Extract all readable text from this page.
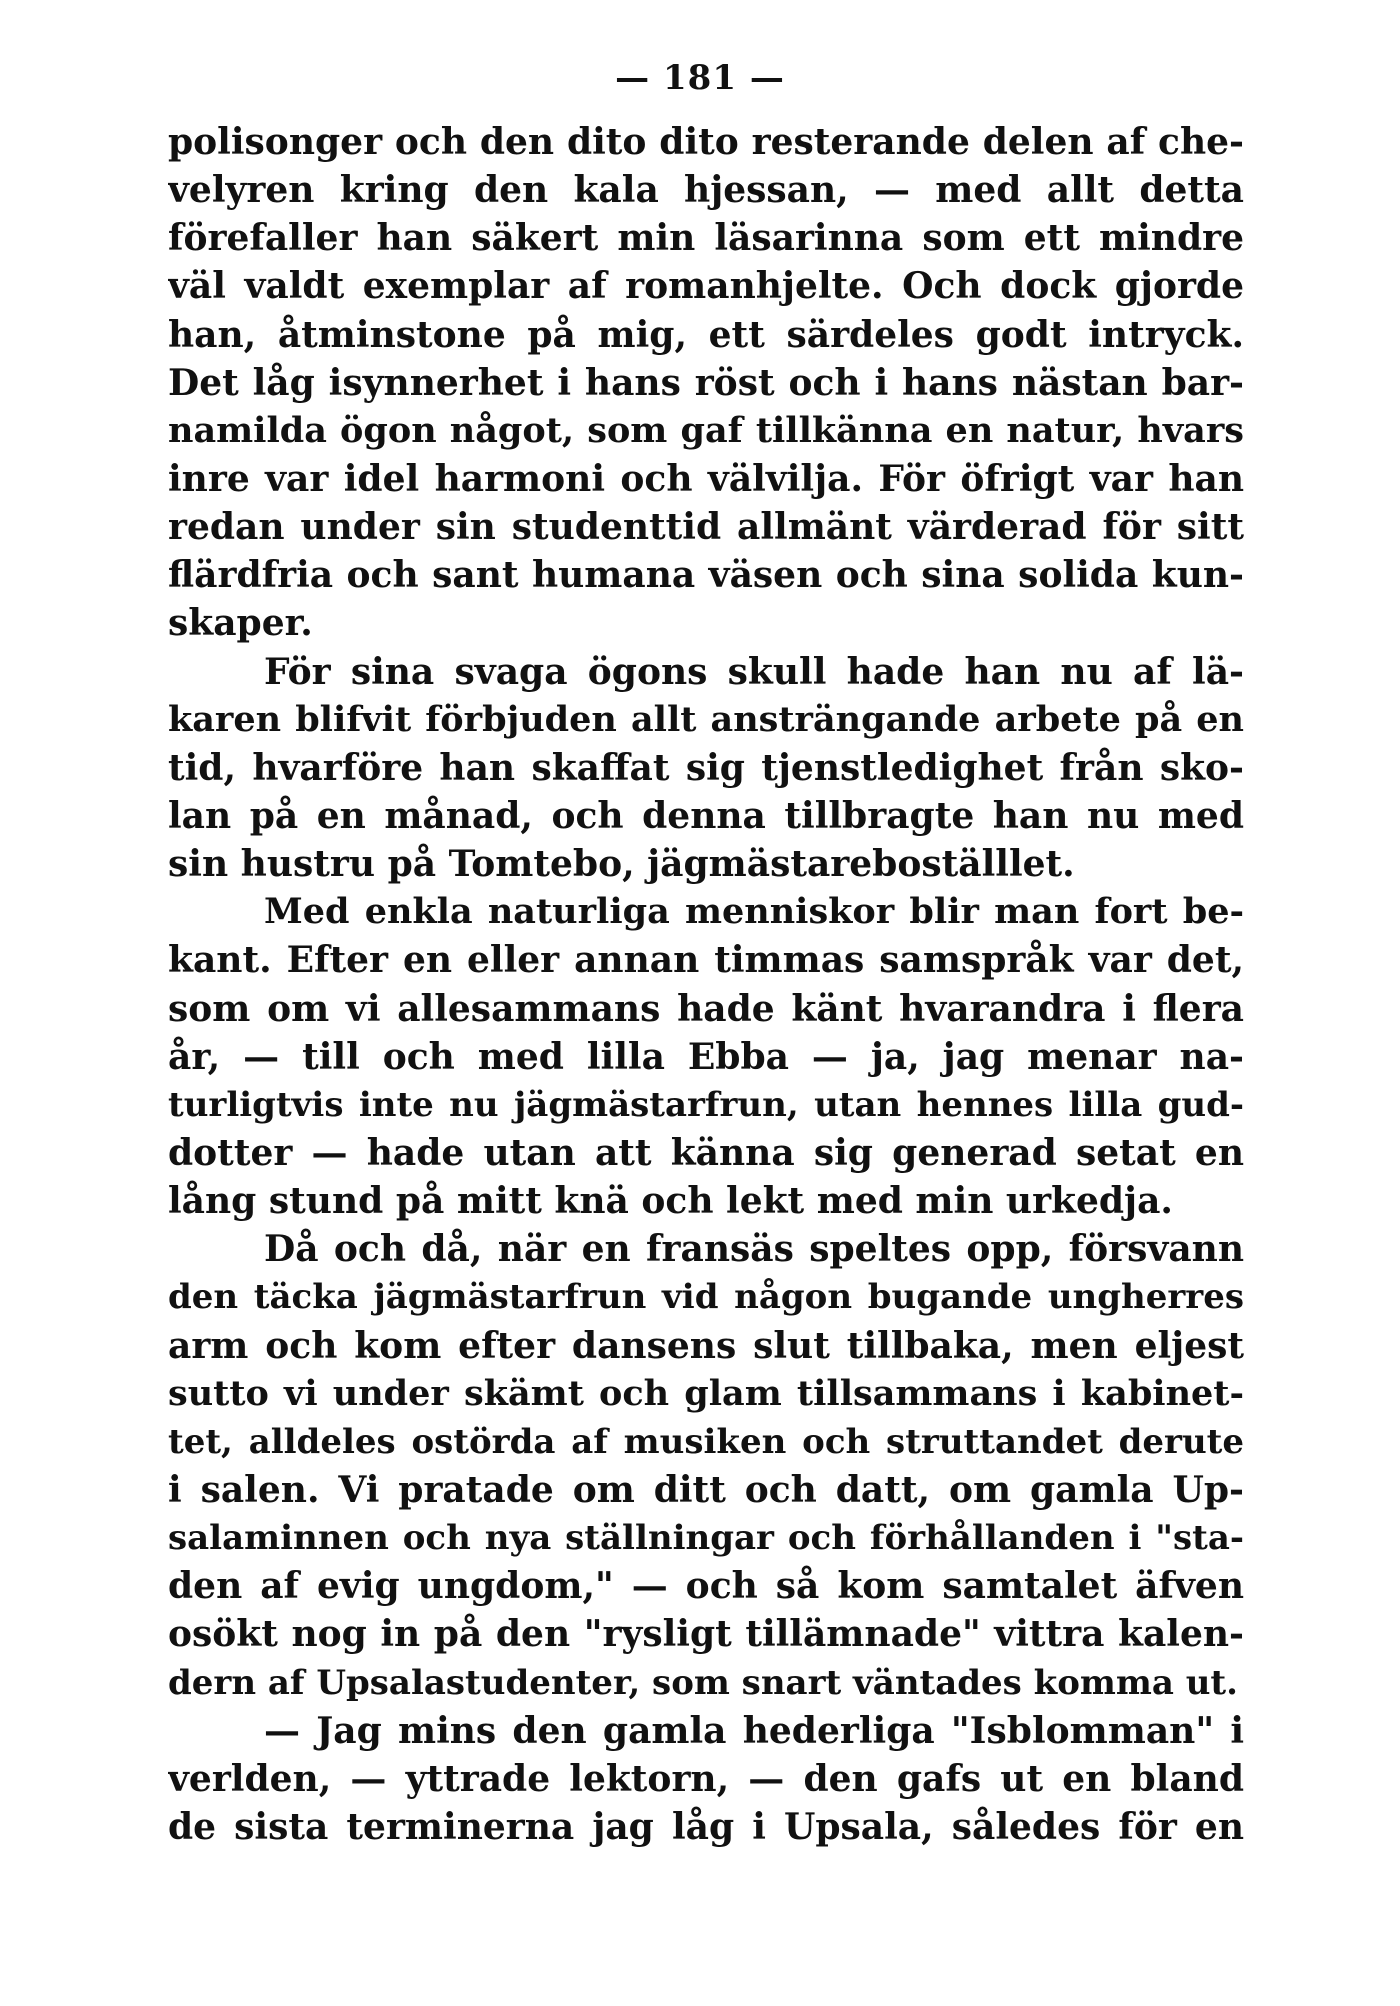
— 181 —
polisonger och den dito dito resterande delen af che-
velyren kring den kala hjessan, — med allt detta
förefaller han säkert min läsarinna som ett mindre
väl valdt exemplar af romanhjelte. Och dock gjorde
han, åtminstone på mig, ett särdeles godt intryck.
Det låg isynnerhet i hans röst och i hans nästan bar-
namilda ögon något, som gaf tillkänna en natur, hvars
inre var idel harmoni och välvilja. För öfrigt var han
redan under sin studenttid allmänt värderad för sitt
flärdfria och sant humana väsen och sina solida kun-
skaper.
För sina svaga ögons skull hade han nu af lä-
karen blifvit förbjuden allt ansträngande arbete på en
tid, hvarföre han skaffat sig tjenstledighet från sko-
lan på en månad, och denna tillbragte han nu med
sin hustru på Tomtebo, jägmästareboställlet.
Med enkla naturliga menniskor blir man fort be-
kant. Efter en eller annan timmas samspråk var det,
som om vi allesammans hade känt hvarandra i flera
år, — till och med lilla Ebba — ja, jag menar na-
turligtvis inte nu jägmästarfrun, utan hennes lilla gud-
dotter — hade utan att känna sig generad setat en
lång stund på mitt knä och lekt med min urkedja.
Då och då, när en fransäs speltes opp, försvann
den täcka jägmästarfrun vid någon bugande ungherres
arm och kom efter dansens slut tillbaka, men eljest
sutto vi under skämt och glam tillsammans i kabinet-
tet, alldeles ostörda af musiken och struttandet derute
i salen. Vi pratade om ditt och datt, om gamla Up-
salaminnen och nya ställningar och förhållanden i "sta-
den af evig ungdom," — och så kom samtalet äfven
osökt nog in på den "rysligt tillämnade" vittra kalen-
dern af Upsalastudenter, som snart väntades komma ut.
— Jag mins den gamla hederliga "Isblomman" i
verlden, — yttrade lektorn, — den gafs ut en bland
de sista terminerna jag låg i Upsala, således för en
